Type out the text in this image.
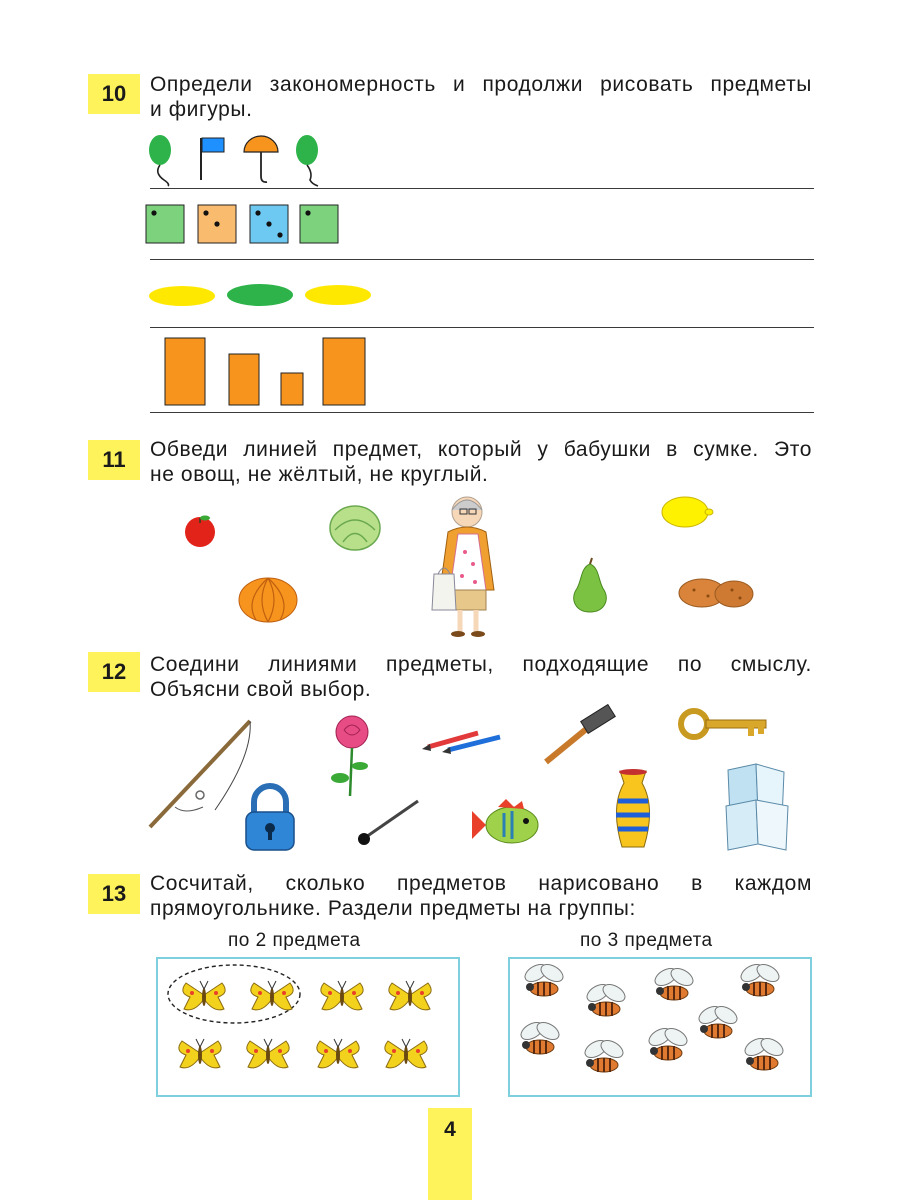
10	Определи закономерность и продолжи рисовать предметы
и фигуры.
11	Обведи линией предмет, который у бабушки в сумке. Это
не овощ, не жёлтый, не круглый.
12	Соедини линиями предметы, подходящие по смыслу.
Объясни свой выбор.
13	Сосчитай, сколько предметов нарисовано в каждом
прямоугольнике. Раздели предметы на группы:
по 2 предмета	по 3 предмета
4
